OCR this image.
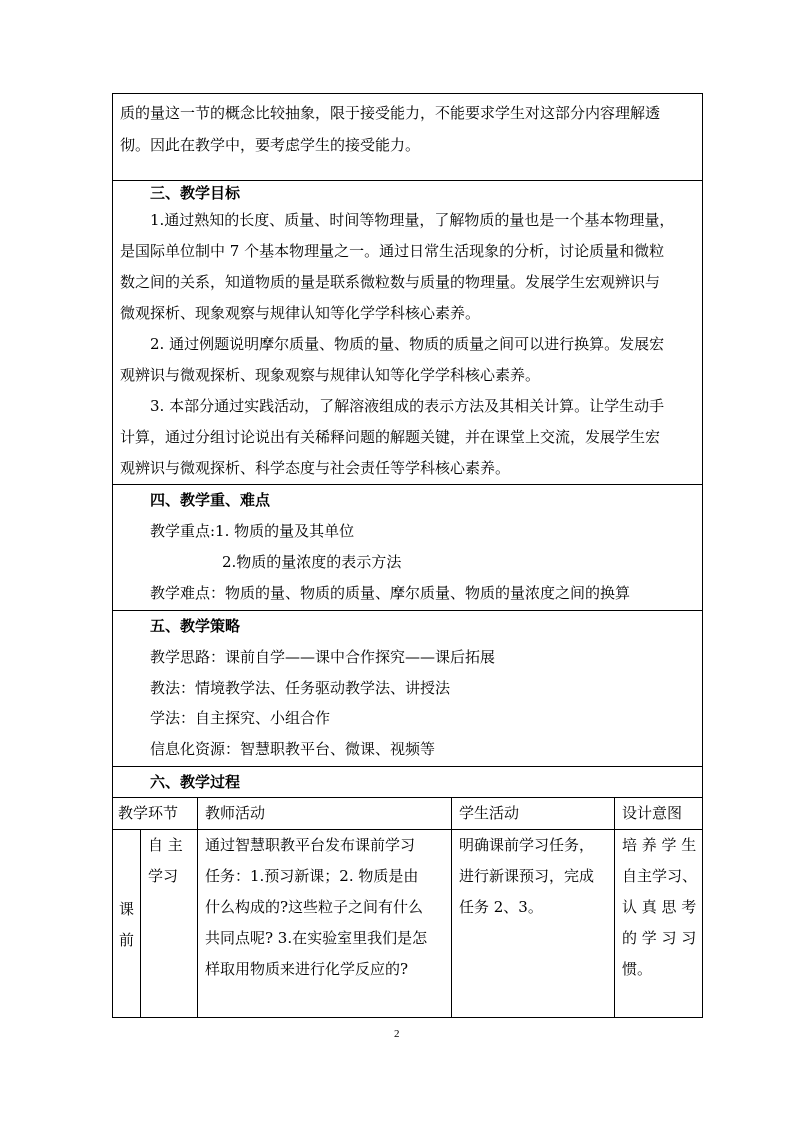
质的量这一节的概念比较抽象，限于接受能力，不能要求学生对这部分内容理解透
彻。因此在教学中，要考虑学生的接受能力。
三、教学目标
1.通过熟知的长度、质量、时间等物理量，了解物质的量也是一个基本物理量，
是国际单位制中 7 个基本物理量之一。通过日常生活现象的分析，讨论质量和微粒
数之间的关系，知道物质的量是联系微粒数与质量的物理量。发展学生宏观辨识与
微观探析、现象观察与规律认知等化学学科核心素养。
2. 通过例题说明摩尔质量、物质的量、物质的质量之间可以进行换算。发展宏
观辨识与微观探析、现象观察与规律认知等化学学科核心素养。
3. 本部分通过实践活动，了解溶液组成的表示方法及其相关计算。让学生动手
计算，通过分组讨论说出有关稀释问题的解题关键，并在课堂上交流，发展学生宏
观辨识与微观探析、科学态度与社会责任等学科核心素养。
四、教学重、难点
教学重点:1. 物质的量及其单位
2.物质的量浓度的表示方法
教学难点：物质的量、物质的质量、摩尔质量、物质的量浓度之间的换算
五、教学策略
教学思路：课前自学——课中合作探究——课后拓展
教法：情境教学法、任务驱动教学法、讲授法
学法：自主探究、小组合作
信息化资源：智慧职教平台、微课、视频等
六、教学过程
教学环节 教师活动	学生活动	设计意图
课
前
自 主
学习
通过智慧职教平台发布课前学习
任务：1.预习新课；2. 物质是由
什么构成的?这些粒子之间有什么
共同点呢? 3.在实验室里我们是怎
样取用物质来进行化学反应的?
明确课前学习任务，
进行新课预习，完成
任务 2、3。
培 养 学 生
自主学习、
认 真 思 考
的 学 习 习
惯。
2
